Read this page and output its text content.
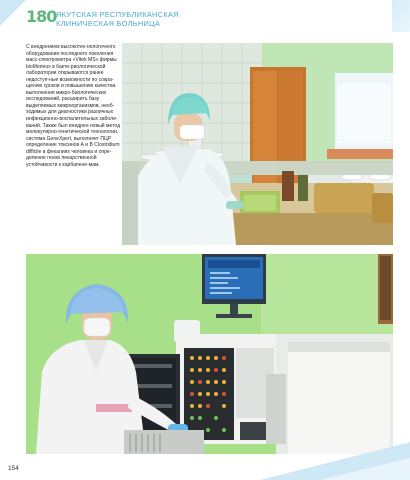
180 ЯКУТСКАЯ РЕСПУБЛИКАНСКАЯ
КЛИНИЧЕСКАЯ БОЛЬНИЦА

С внедрением высокотех-нологичного оборудования последнего поколения масс-спектрометра «Vitek MS» фирмы bioMerieux в бакте-риологической лаборатории открываются ранее недоступ-ные возможности по сокра-щению сроков и повышению качества выполнения микро-биологических исследований, расширить базу выделяемых микроорганизмов, необ-ходимых для диагностики различных инфекционно-воспалительных заболе-ваний. Также был внедрен новый метод молекулярно-генетической технологии, система GeneXpert, выполняет ПЦР определение токсинов А и В Clostridium difficile в фекалиях человека и опре-деление генов лекарственной устойчивости к карбапене-мам.

154
